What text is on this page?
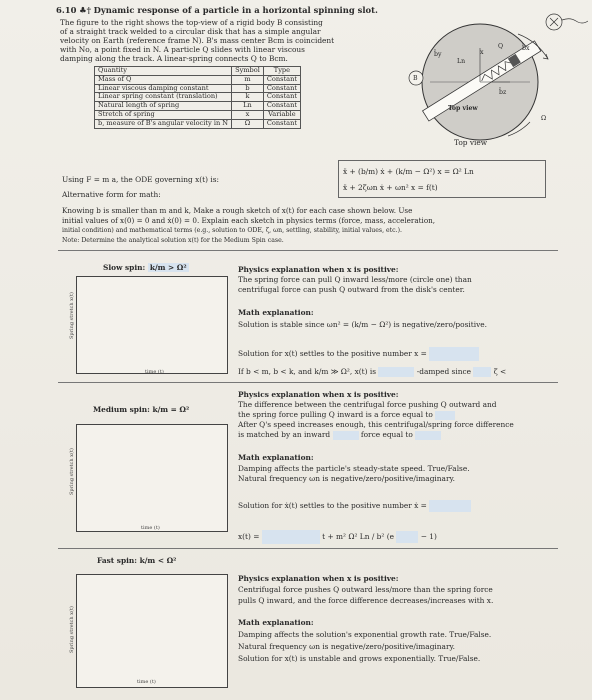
6.10 ♣† Dynamic response of a particle in a horizontal spinning slot.
The figure to the right shows the top-view of a rigid body B consisting
of a straight track welded to a circular disk that has a simple angular
velocity on Earth (reference frame N). B's mass center Bcm is coincident
with No, a point fixed in N. A particle Q slides with linear viscous
damping along the track. A linear-spring connects Q to Bcm.
Quantity	Symbol	Type
Mass of Q	m	Constant
Linear viscous damping constant	b	Constant
Linear spring constant (translation)	k	Constant
Natural length of spring	Ln	Constant
Stretch of spring	x	Variable
b, measure of B's angular velocity in N	Ω	Constant
b̂y
b̂x
b̂z
B
Ln
x
Q
Ω
Top view
Top view
Using F = m a, the ODE governing x(t) is:
Alternative form for math:
ẍ + (b/m) ẋ + (k/m − Ω²) x = Ω² Ln
ẍ + 2ζωn ẋ + ωn² x = f(t)
Knowing b is smaller than m and k, Make a rough sketch of x(t) for each case shown below. Use
initial values of x(0) = 0 and ẋ(0) = 0. Explain each sketch in physics terms (force, mass, acceleration,
initial condition) and mathematical terms (e.g., solution to ODE, ζ, ωn, settling, stability, initial values, etc.).
Note: Determine the analytical solution x(t) for the Medium Spin case.
Slow spin: k/m > Ω²
Spring stretch x(t)
time (t)
Physics explanation when x is positive:
The spring force can pull Q inward less/more (circle one) than
centrifugal force can push Q outward from the disk's center.
Math explanation:
Solution is stable since ωn² = (k/m − Ω²) is negative/zero/positive.
Solution for x(t) settles to the positive number x =
If b < m, b < k, and k/m ≫ Ω², x(t) is	-damped since	ζ <
Medium spin: k/m = Ω²
Spring stretch x(t)
time (t)
Physics explanation when x is positive:
The difference between the centrifugal force pushing Q outward and
the spring force pulling Q inward is a force equal to
After Q's speed increases enough, this centrifugal/spring force difference
is matched by an inward	force equal to
Math explanation:
Damping affects the particle's steady-state speed. True/False.
Natural frequency ωn is negative/zero/positive/imaginary.
Solution for ẋ(t) settles to the positive number ẋ =
x(t) =	t + m² Ω² Ln / b² (e	− 1)
Fast spin: k/m < Ω²
Spring stretch x(t)
time (t)
Physics explanation when x is positive:
Centrifugal force pushes Q outward less/more than the spring force
pulls Q inward, and the force difference decreases/increases with x.
Math explanation:
Damping affects the solution's exponential growth rate. True/False.
Natural frequency ωn is negative/zero/positive/imaginary.
Solution for x(t) is unstable and grows exponentially. True/False.
